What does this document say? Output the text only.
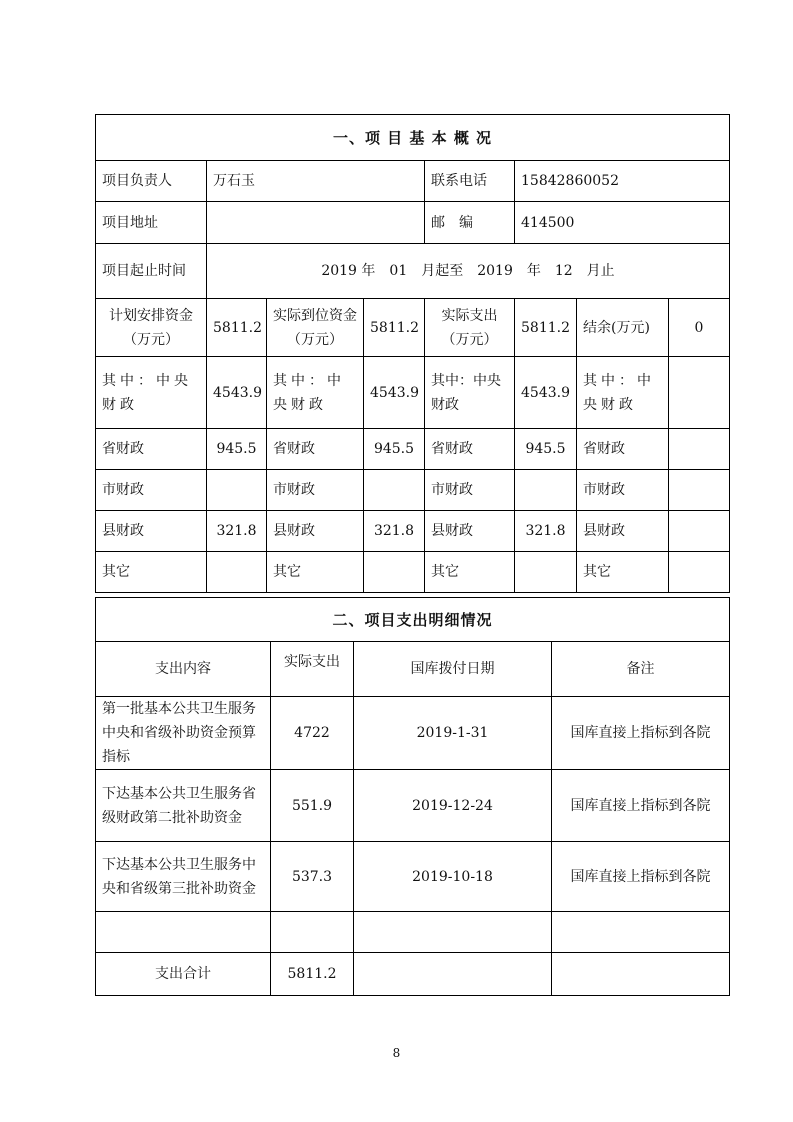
一、项 目 基 本 概 况							
项目负责人	万石玉			联系电话	15842860052		
项目地址				邮　编	414500		
项目起止时间	2019 年　01　月起至　2019　年　12　月止						
计划安排资金（万元）	5811.2	实际到位资金（万元）	5811.2	实际支出（万元）	5811.2	结余(万元)	0
其中：中央财政	4543.9	其中：中央财政	4543.9	其中：中央财政	4543.9	其中：中央财政	
省财政	945.5	省财政	945.5	省财政	945.5	省财政	
市财政		市财政		市财政		市财政	
县财政	321.8	县财政	321.8	县财政	321.8	县财政	
其它		其它		其它		其它	
二、项目支出明细情况			
支出内容	实际支出	国库拨付日期	备注
第一批基本公共卫生服务中央和省级补助资金预算指标	4722	2019-1-31	国库直接上指标到各院
下达基本公共卫生服务省级财政第二批补助资金	551.9	2019-12-24	国库直接上指标到各院
下达基本公共卫生服务中央和省级第三批补助资金	537.3	2019-10-18	国库直接上指标到各院

支出合计	5811.2		
8
